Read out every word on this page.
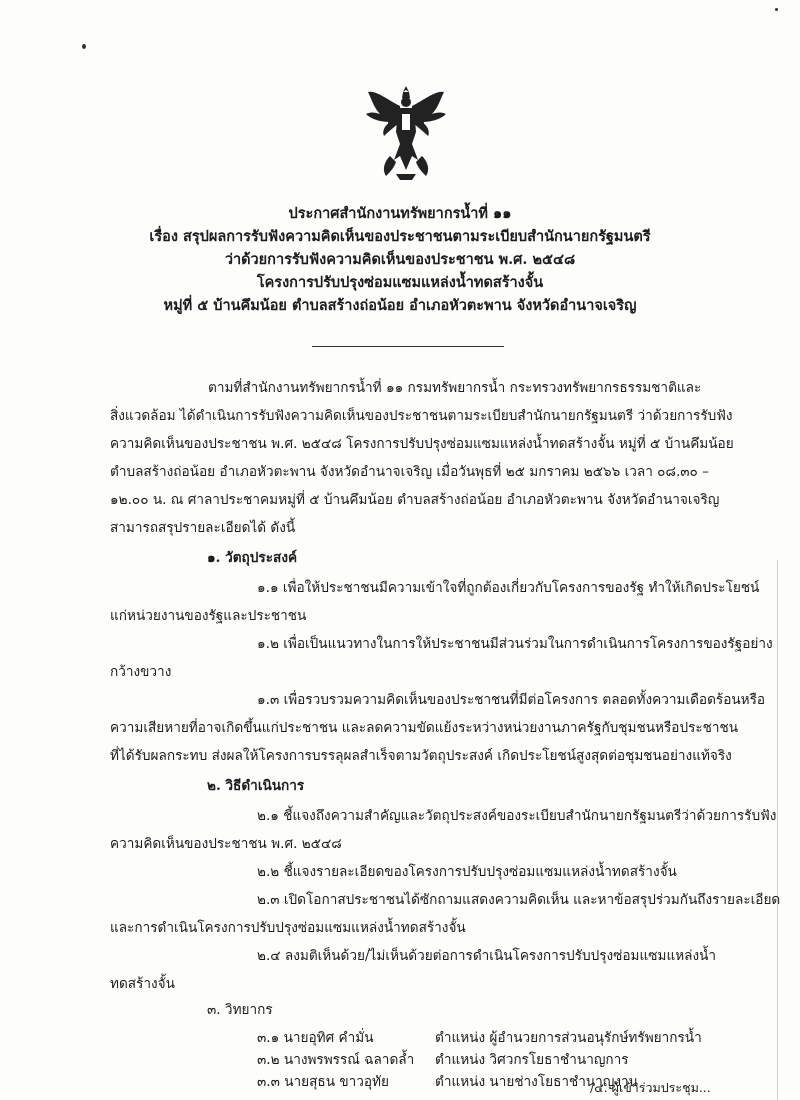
ประกาศสำนักงานทรัพยากรน้ำที่ ๑๑
เรื่อง สรุปผลการรับฟังความคิดเห็นของประชาชนตามระเบียบสำนักนายกรัฐมนตรี
ว่าด้วยการรับฟังความคิดเห็นของประชาชน พ.ศ. ๒๕๔๘
โครงการปรับปรุงซ่อมแซมแหล่งน้ำทดสร้างจั้น
หมู่ที่ ๕ บ้านคึมน้อย ตำบลสร้างถ่อน้อย อำเภอหัวตะพาน จังหวัดอำนาจเจริญ
ตามที่สำนักงานทรัพยากรน้ำที่ ๑๑ กรมทรัพยากรน้ำ กระทรวงทรัพยากรธรรมชาติและ
สิ่งแวดล้อม ได้ดำเนินการรับฟังความคิดเห็นของประชาชนตามระเบียบสำนักนายกรัฐมนตรี ว่าด้วยการรับฟัง
ความคิดเห็นของประชาชน พ.ศ. ๒๕๔๘ โครงการปรับปรุงซ่อมแซมแหล่งน้ำทดสร้างจั้น หมู่ที่ ๕ บ้านคึมน้อย
ตำบลสร้างถ่อน้อย อำเภอหัวตะพาน จังหวัดอำนาจเจริญ เมื่อวันพุธที่ ๒๕ มกราคม ๒๕๖๖ เวลา ๐๘.๓๐ –
๑๒.๐๐ น. ณ ศาลาประชาคมหมู่ที่ ๕ บ้านคึมน้อย ตำบลสร้างถ่อน้อย อำเภอหัวตะพาน จังหวัดอำนาจเจริญ
สามารถสรุปรายละเอียดได้ ดังนี้
๑. วัตถุประสงค์
๑.๑ เพื่อให้ประชาชนมีความเข้าใจที่ถูกต้องเกี่ยวกับโครงการของรัฐ ทำให้เกิดประโยชน์
แก่หน่วยงานของรัฐและประชาชน
๑.๒ เพื่อเป็นแนวทางในการให้ประชาชนมีส่วนร่วมในการดำเนินการโครงการของรัฐอย่าง
กว้างขวาง
๑.๓ เพื่อรวบรวมความคิดเห็นของประชาชนที่มีต่อโครงการ ตลอดทั้งความเดือดร้อนหรือ
ความเสียหายที่อาจเกิดขึ้นแก่ประชาชน และลดความขัดแย้งระหว่างหน่วยงานภาครัฐกับชุมชนหรือประชาชน
ที่ได้รับผลกระทบ ส่งผลให้โครงการบรรลุผลสำเร็จตามวัตถุประสงค์ เกิดประโยชน์สูงสุดต่อชุมชนอย่างแท้จริง
๒. วิธีดำเนินการ
๒.๑ ชี้แจงถึงความสำคัญและวัตถุประสงค์ของระเบียบสำนักนายกรัฐมนตรีว่าด้วยการรับฟัง
ความคิดเห็นของประชาชน พ.ศ. ๒๕๔๘
๒.๒ ชี้แจงรายละเอียดของโครงการปรับปรุงซ่อมแซมแหล่งน้ำทดสร้างจั้น
๒.๓ เปิดโอกาสประชาชนได้ซักถามแสดงความคิดเห็น และหาข้อสรุปร่วมกันถึงรายละเอียด
และการดำเนินโครงการปรับปรุงซ่อมแซมแหล่งน้ำทดสร้างจั้น
๒.๔ ลงมติเห็นด้วย/ไม่เห็นด้วยต่อการดำเนินโครงการปรับปรุงซ่อมแซมแหล่งน้ำ
ทดสร้างจั้น
๓. วิทยากร
๓.๑ นายอุทิศ คำมั่น	ตำแหน่ง ผู้อำนวยการส่วนอนุรักษ์ทรัพยากรน้ำ
๓.๒ นางพรพรรณ์ ฉลาดล้ำ ตำแหน่ง วิศวกรโยธาชำนาญการ
๓.๓ นายสุธน ขาวอุทัย	ตำแหน่ง นายช่างโยธาชำนาญงาน
/๔. ผู้เข้าร่วมประชุม...
